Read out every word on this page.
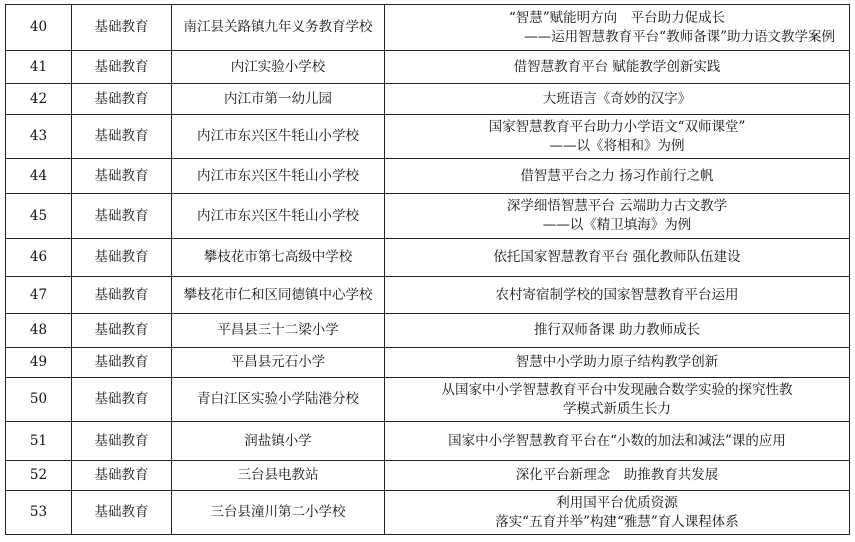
40	基础教育	南江县关路镇九年义务教育学校	“智慧”赋能明方向　平台助力促成长
——运用智慧教育平台“教师备课”助力语文教学案例

41	基础教育	内江实验小学校	借智慧教育平台 赋能教学创新实践

42	基础教育	内江市第一幼儿园	大班语言《奇妙的汉字》

43	基础教育	内江市东兴区牛牦山小学校	国家智慧教育平台助力小学语文“双师课堂”
——以《将相和》为例

44	基础教育	内江市东兴区牛牦山小学校	借智慧平台之力 扬习作前行之帆

45	基础教育	内江市东兴区牛牦山小学校	深学细悟智慧平台 云端助力古文教学
——以《精卫填海》为例

46	基础教育	攀枝花市第七高级中学校	依托国家智慧教育平台 强化教师队伍建设

47	基础教育	攀枝花市仁和区同德镇中心学校	农村寄宿制学校的国家智慧教育平台运用

48	基础教育	平昌县三十二梁小学	推行双师备课 助力教师成长

49	基础教育	平昌县元石小学	智慧中小学助力原子结构教学创新

50	基础教育	青白江区实验小学陆港分校	从国家中小学智慧教育平台中发现融合数学实验的探究性教
学模式新质生长力

51	基础教育	润盐镇小学	国家中小学智慧教育平台在“小数的加法和减法”课的应用

52	基础教育	三台县电教站	深化平台新理念　助推教育共发展

53	基础教育	三台县潼川第二小学校	利用国平台优质资源
落实“五育并举”构建“雅慧”育人课程体系
